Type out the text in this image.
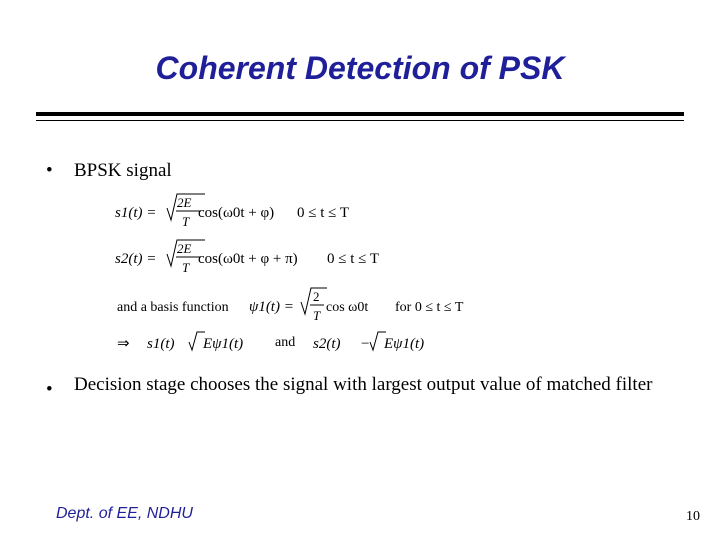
Coherent Detection of PSK
• BPSK signal
s1(t) =
2E
T
cos(ω0t + φ) 0 ≤ t ≤ T
s2(t) =
2E
T
cos(ω0t + φ + π) 0 ≤ t ≤ T
and a basis function ψ1(t) =
2
T
cos ω0t for 0 ≤ t ≤ T
⇒ s1(t) Eψ1(t) and s2(t) − Eψ1(t)
• Decision stage chooses the signal with largest output value of matched filter
Dept. of EE, NDHU	10
